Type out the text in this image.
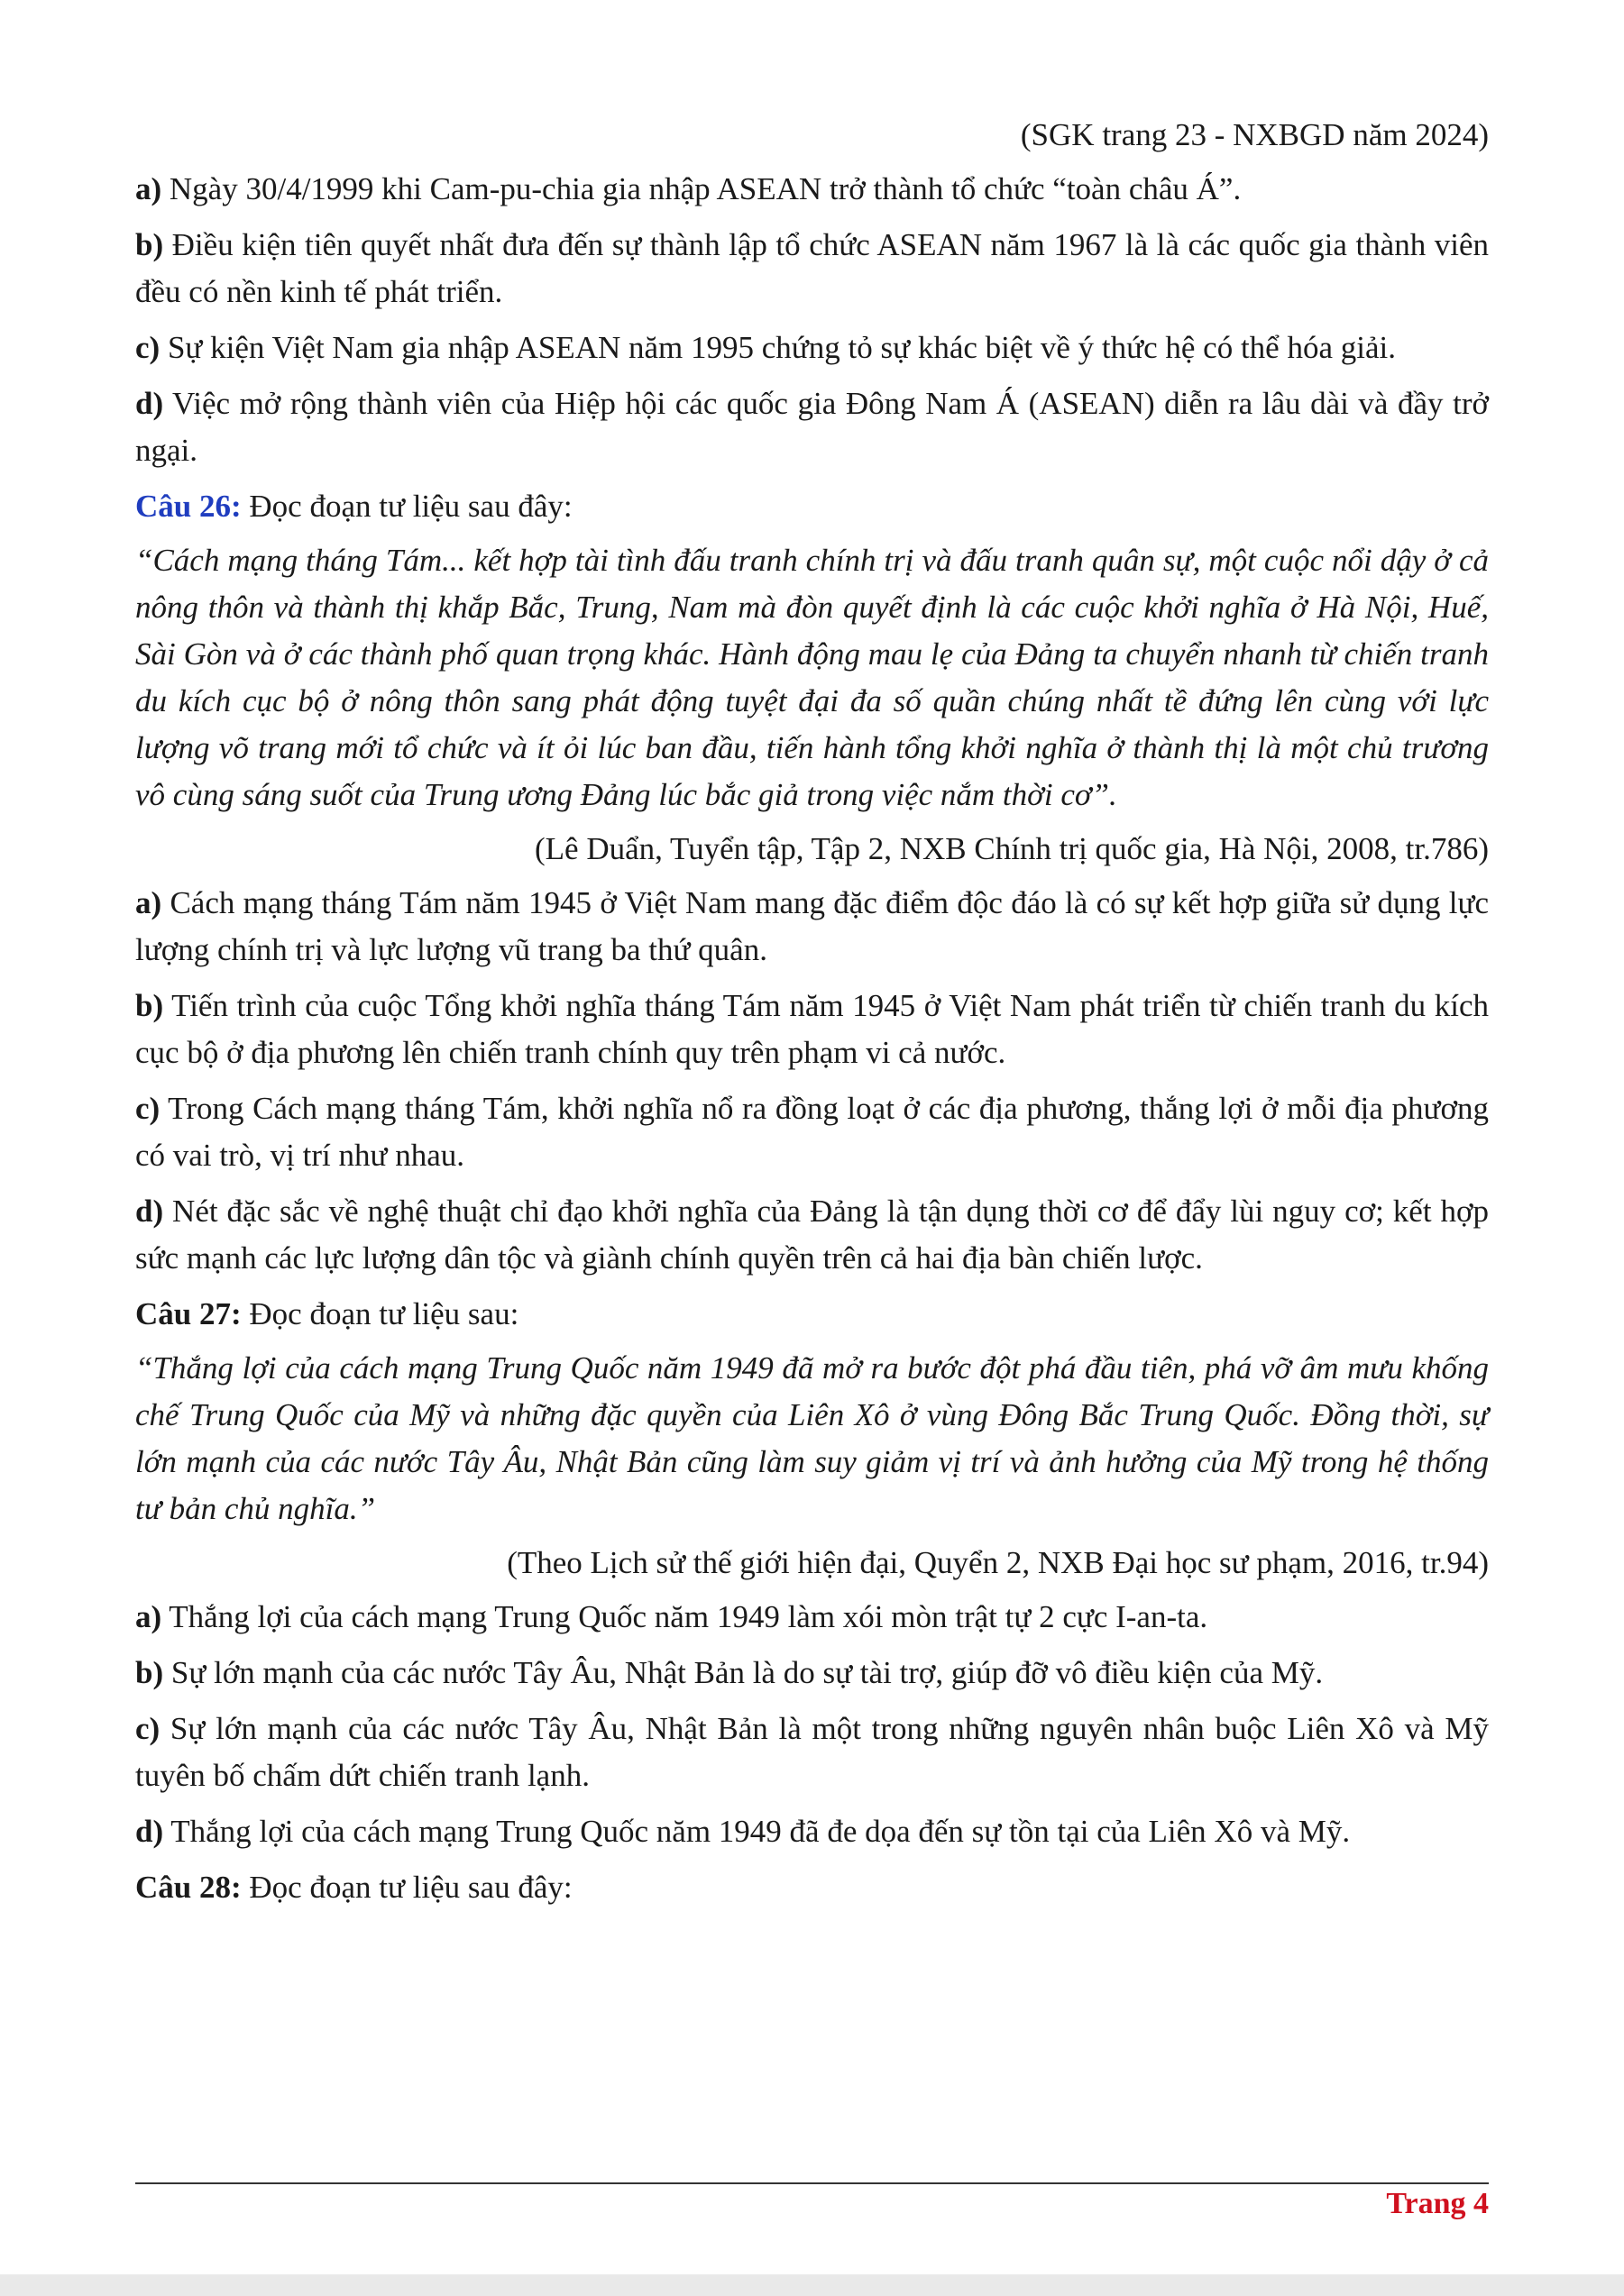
(SGK trang 23 - NXBGD năm 2024)

a) Ngày 30/4/1999 khi Cam-pu-chia gia nhập ASEAN trở thành tổ chức “toàn châu Á”.

b) Điều kiện tiên quyết nhất đưa đến sự thành lập tổ chức ASEAN năm 1967 là là các quốc gia thành viên đều có nền kinh tế phát triển.

c) Sự kiện Việt Nam gia nhập ASEAN năm 1995 chứng tỏ sự khác biệt về ý thức hệ có thể hóa giải.

d) Việc mở rộng thành viên của Hiệp hội các quốc gia Đông Nam Á (ASEAN) diễn ra lâu dài và đầy trở ngại.

Câu 26: Đọc đoạn tư liệu sau đây:

“Cách mạng tháng Tám... kết hợp tài tình đấu tranh chính trị và đấu tranh quân sự, một cuộc nổi dậy ở cả nông thôn và thành thị khắp Bắc, Trung, Nam mà đòn quyết định là các cuộc khởi nghĩa ở Hà Nội, Huế, Sài Gòn và ở các thành phố quan trọng khác. Hành động mau lẹ của Đảng ta chuyển nhanh từ chiến tranh du kích cục bộ ở nông thôn sang phát động tuyệt đại đa số quần chúng nhất tề đứng lên cùng với lực lượng võ trang mới tổ chức và ít ỏi lúc ban đầu, tiến hành tổng khởi nghĩa ở thành thị là một chủ trương vô cùng sáng suốt của Trung ương Đảng lúc bắc giả trong việc nắm thời cơ”.

(Lê Duẩn, Tuyển tập, Tập 2, NXB Chính trị quốc gia, Hà Nội, 2008, tr.786)

a) Cách mạng tháng Tám năm 1945 ở Việt Nam mang đặc điểm độc đáo là có sự kết hợp giữa sử dụng lực lượng chính trị và lực lượng vũ trang ba thứ quân.

b) Tiến trình của cuộc Tổng khởi nghĩa tháng Tám năm 1945 ở Việt Nam phát triển từ chiến tranh du kích cục bộ ở địa phương lên chiến tranh chính quy trên phạm vi cả nước.

c) Trong Cách mạng tháng Tám, khởi nghĩa nổ ra đồng loạt ở các địa phương, thắng lợi ở mỗi địa phương có vai trò, vị trí như nhau.

d) Nét đặc sắc về nghệ thuật chỉ đạo khởi nghĩa của Đảng là tận dụng thời cơ để đẩy lùi nguy cơ; kết hợp sức mạnh các lực lượng dân tộc và giành chính quyền trên cả hai địa bàn chiến lược.

Câu 27: Đọc đoạn tư liệu sau:

“Thắng lợi của cách mạng Trung Quốc năm 1949 đã mở ra bước đột phá đầu tiên, phá vỡ âm mưu khống chế Trung Quốc của Mỹ và những đặc quyền của Liên Xô ở vùng Đông Bắc Trung Quốc. Đồng thời, sự lớn mạnh của các nước Tây Âu, Nhật Bản cũng làm suy giảm vị trí và ảnh hưởng của Mỹ trong hệ thống tư bản chủ nghĩa.”

(Theo Lịch sử thế giới hiện đại, Quyển 2, NXB Đại học sư phạm, 2016, tr.94)

a) Thắng lợi của cách mạng Trung Quốc năm 1949 làm xói mòn trật tự 2 cực I-an-ta.

b) Sự lớn mạnh của các nước Tây Âu, Nhật Bản là do sự tài trợ, giúp đỡ vô điều kiện của Mỹ.

c) Sự lớn mạnh của các nước Tây Âu, Nhật Bản là một trong những nguyên nhân buộc Liên Xô và Mỹ tuyên bố chấm dứt chiến tranh lạnh.

d) Thắng lợi của cách mạng Trung Quốc năm 1949 đã đe dọa đến sự tồn tại của Liên Xô và Mỹ.

Câu 28: Đọc đoạn tư liệu sau đây:

Trang 4
